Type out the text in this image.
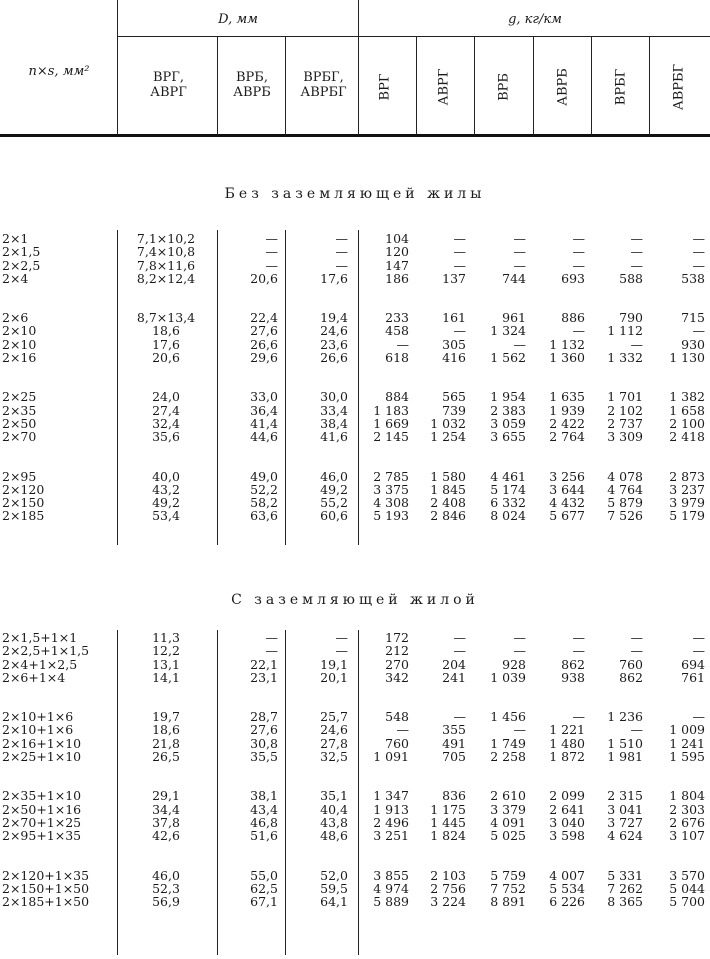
n×s, мм²
D, мм	g, кг/км
ВРГ,
АВРГ
ВРБ,
АВРБ
ВРБГ,
АВРБГ	ВРГ	АВРГ	ВРБ	АВРБ	ВРБГ	АВРБГ
Без заземляющей жилы
С заземляющей жилой
2×1	7,1×10,2	—	—	104	—	—	—	—	—
2×1,5	7,4×10,8	—	—	120	—	—	—	—	—
2×2,5	7,8×11,6	—	—	147	—	—	—	—	—
2×4	8,2×12,4	20,6	17,6	186	137	744	693	588	538
2×6	8,7×13,4	22,4	19,4	233	161	961	886	790	715
2×10	18,6	27,6	24,6	458	—	1 324	—	1 112	—
2×10	17,6	26,6	23,6	—	305	—	1 132	—	930
2×16	20,6	29,6	26,6	618	416	1 562	1 360	1 332	1 130
2×25	24,0	33,0	30,0	884	565	1 954	1 635	1 701	1 382
2×35	27,4	36,4	33,4	1 183	739	2 383	1 939	2 102	1 658
2×50	32,4	41,4	38,4	1 669	1 032	3 059	2 422	2 737	2 100
2×70	35,6	44,6	41,6	2 145	1 254	3 655	2 764	3 309	2 418
2×95	40,0	49,0	46,0	2 785	1 580	4 461	3 256	4 078	2 873
2×120	43,2	52,2	49,2	3 375	1 845	5 174	3 644	4 764	3 237
2×150	49,2	58,2	55,2	4 308	2 408	6 332	4 432	5 879	3 979
2×185	53,4	63,6	60,6	5 193	2 846	8 024	5 677	7 526	5 179
2×1,5+1×1	11,3	—	—	172	—	—	—	—	—
2×2,5+1×1,5	12,2	—	—	212	—	—	—	—	—
2×4+1×2,5	13,1	22,1	19,1	270	204	928	862	760	694
2×6+1×4	14,1	23,1	20,1	342	241	1 039	938	862	761
2×10+1×6	19,7	28,7	25,7	548	—	1 456	—	1 236	—
2×10+1×6	18,6	27,6	24,6	—	355	—	1 221	—	1 009
2×16+1×10	21,8	30,8	27,8	760	491	1 749	1 480	1 510	1 241
2×25+1×10	26,5	35,5	32,5	1 091	705	2 258	1 872	1 981	1 595
2×35+1×10	29,1	38,1	35,1	1 347	836	2 610	2 099	2 315	1 804
2×50+1×16	34,4	43,4	40,4	1 913	1 175	3 379	2 641	3 041	2 303
2×70+1×25	37,8	46,8	43,8	2 496	1 445	4 091	3 040	3 727	2 676
2×95+1×35	42,6	51,6	48,6	3 251	1 824	5 025	3 598	4 624	3 107
2×120+1×35	46,0	55,0	52,0	3 855	2 103	5 759	4 007	5 331	3 570
2×150+1×50	52,3	62,5	59,5	4 974	2 756	7 752	5 534	7 262	5 044
2×185+1×50	56,9	67,1	64,1	5 889	3 224	8 891	6 226	8 365	5 700
